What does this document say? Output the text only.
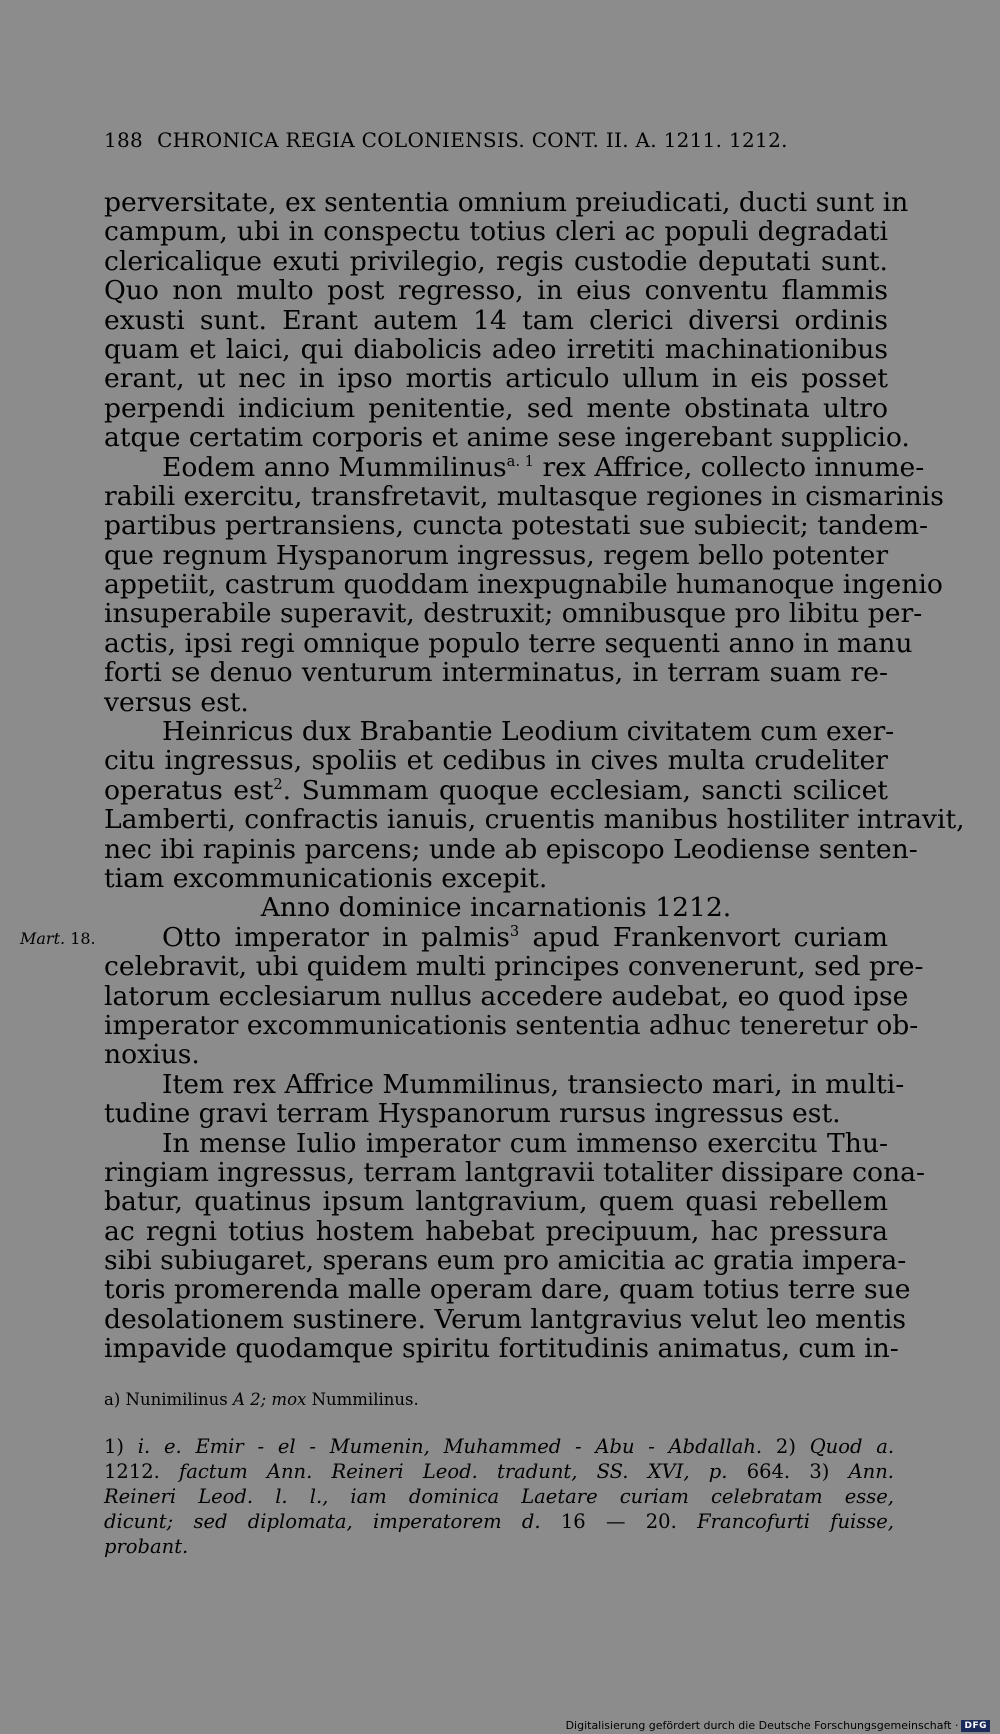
188 CHRONICA REGIA COLONIENSIS. CONT. II. A. 1211. 1212.
perversitate, ex sententia omnium preiudicati, ducti sunt in
campum, ubi in conspectu totius cleri ac populi degradati
clericalique exuti privilegio, regis custodie deputati sunt.
Quo non multo post regresso, in eius conventu flammis
exusti sunt. Erant autem 14 tam clerici diversi ordinis
quam et laici, qui diabolicis adeo irretiti machinationibus
erant, ut nec in ipso mortis articulo ullum in eis posset
perpendi indicium penitentie, sed mente obstinata ultro
atque certatim corporis et anime sese ingerebant supplicio.
Eodem anno Mummilinus$^{a. 1}$ rex Affrice, collecto innume-
rabili exercitu, transfretavit, multasque regiones in cismarinis
partibus pertransiens, cuncta potestati sue subiecit; tandem-
que regnum Hyspanorum ingressus, regem bello potenter
appetiit, castrum quoddam inexpugnabile humanoque ingenio
insuperabile superavit, destruxit; omnibusque pro libitu per-
actis, ipsi regi omnique populo terre sequenti anno in manu
forti se denuo venturum interminatus, in terram suam re-
versus est.
Heinricus dux Brabantie Leodium civitatem cum exer-
citu ingressus, spoliis et cedibus in cives multa crudeliter
operatus est$^2$. Summam quoque ecclesiam, sancti scilicet
Lamberti, confractis ianuis, cruentis manibus hostiliter intravit,
nec ibi rapinis parcens; unde ab episcopo Leodiense senten-
tiam excommunicationis excepit.
Anno dominice incarnationis 1212.
Otto imperator in palmis$^3$ apud Frankenvort curiam
celebravit, ubi quidem multi principes convenerunt, sed pre-
latorum ecclesiarum nullus accedere audebat, eo quod ipse
imperator excommunicationis sententia adhuc teneretur ob-
noxius.
Item rex Affrice Mummilinus, transiecto mari, in multi-
tudine gravi terram Hyspanorum rursus ingressus est.
In mense Iulio imperator cum immenso exercitu Thu-
ringiam ingressus, terram lantgravii totaliter dissipare cona-
batur, quatinus ipsum lantgravium, quem quasi rebellem
ac regni totius hostem habebat precipuum, hac pressura
sibi subiugaret, sperans eum pro amicitia ac gratia impera-
toris promerenda malle operam dare, quam totius terre sue
desolationem sustinere. Verum lantgravius velut leo mentis
impavide quodamque spiritu fortitudinis animatus, cum in-
Mart. 18.
a) Nunimilinus A 2; mox Nummilinus.
1) i. e. Emir - el - Mumenin, Muhammed - Abu - Abdallah. 2) Quod a.
1212. factum Ann. Reineri Leod. tradunt, SS. XVI, p. 664. 3) Ann.
Reineri Leod. l. l., iam dominica Laetare curiam celebratam esse,
dicunt; sed diplomata, imperatorem d. 16 — 20. Francofurti fuisse,
probant.
Digitalisierung gefördert durch die Deutsche Forschungsgemeinschaft · DFG
